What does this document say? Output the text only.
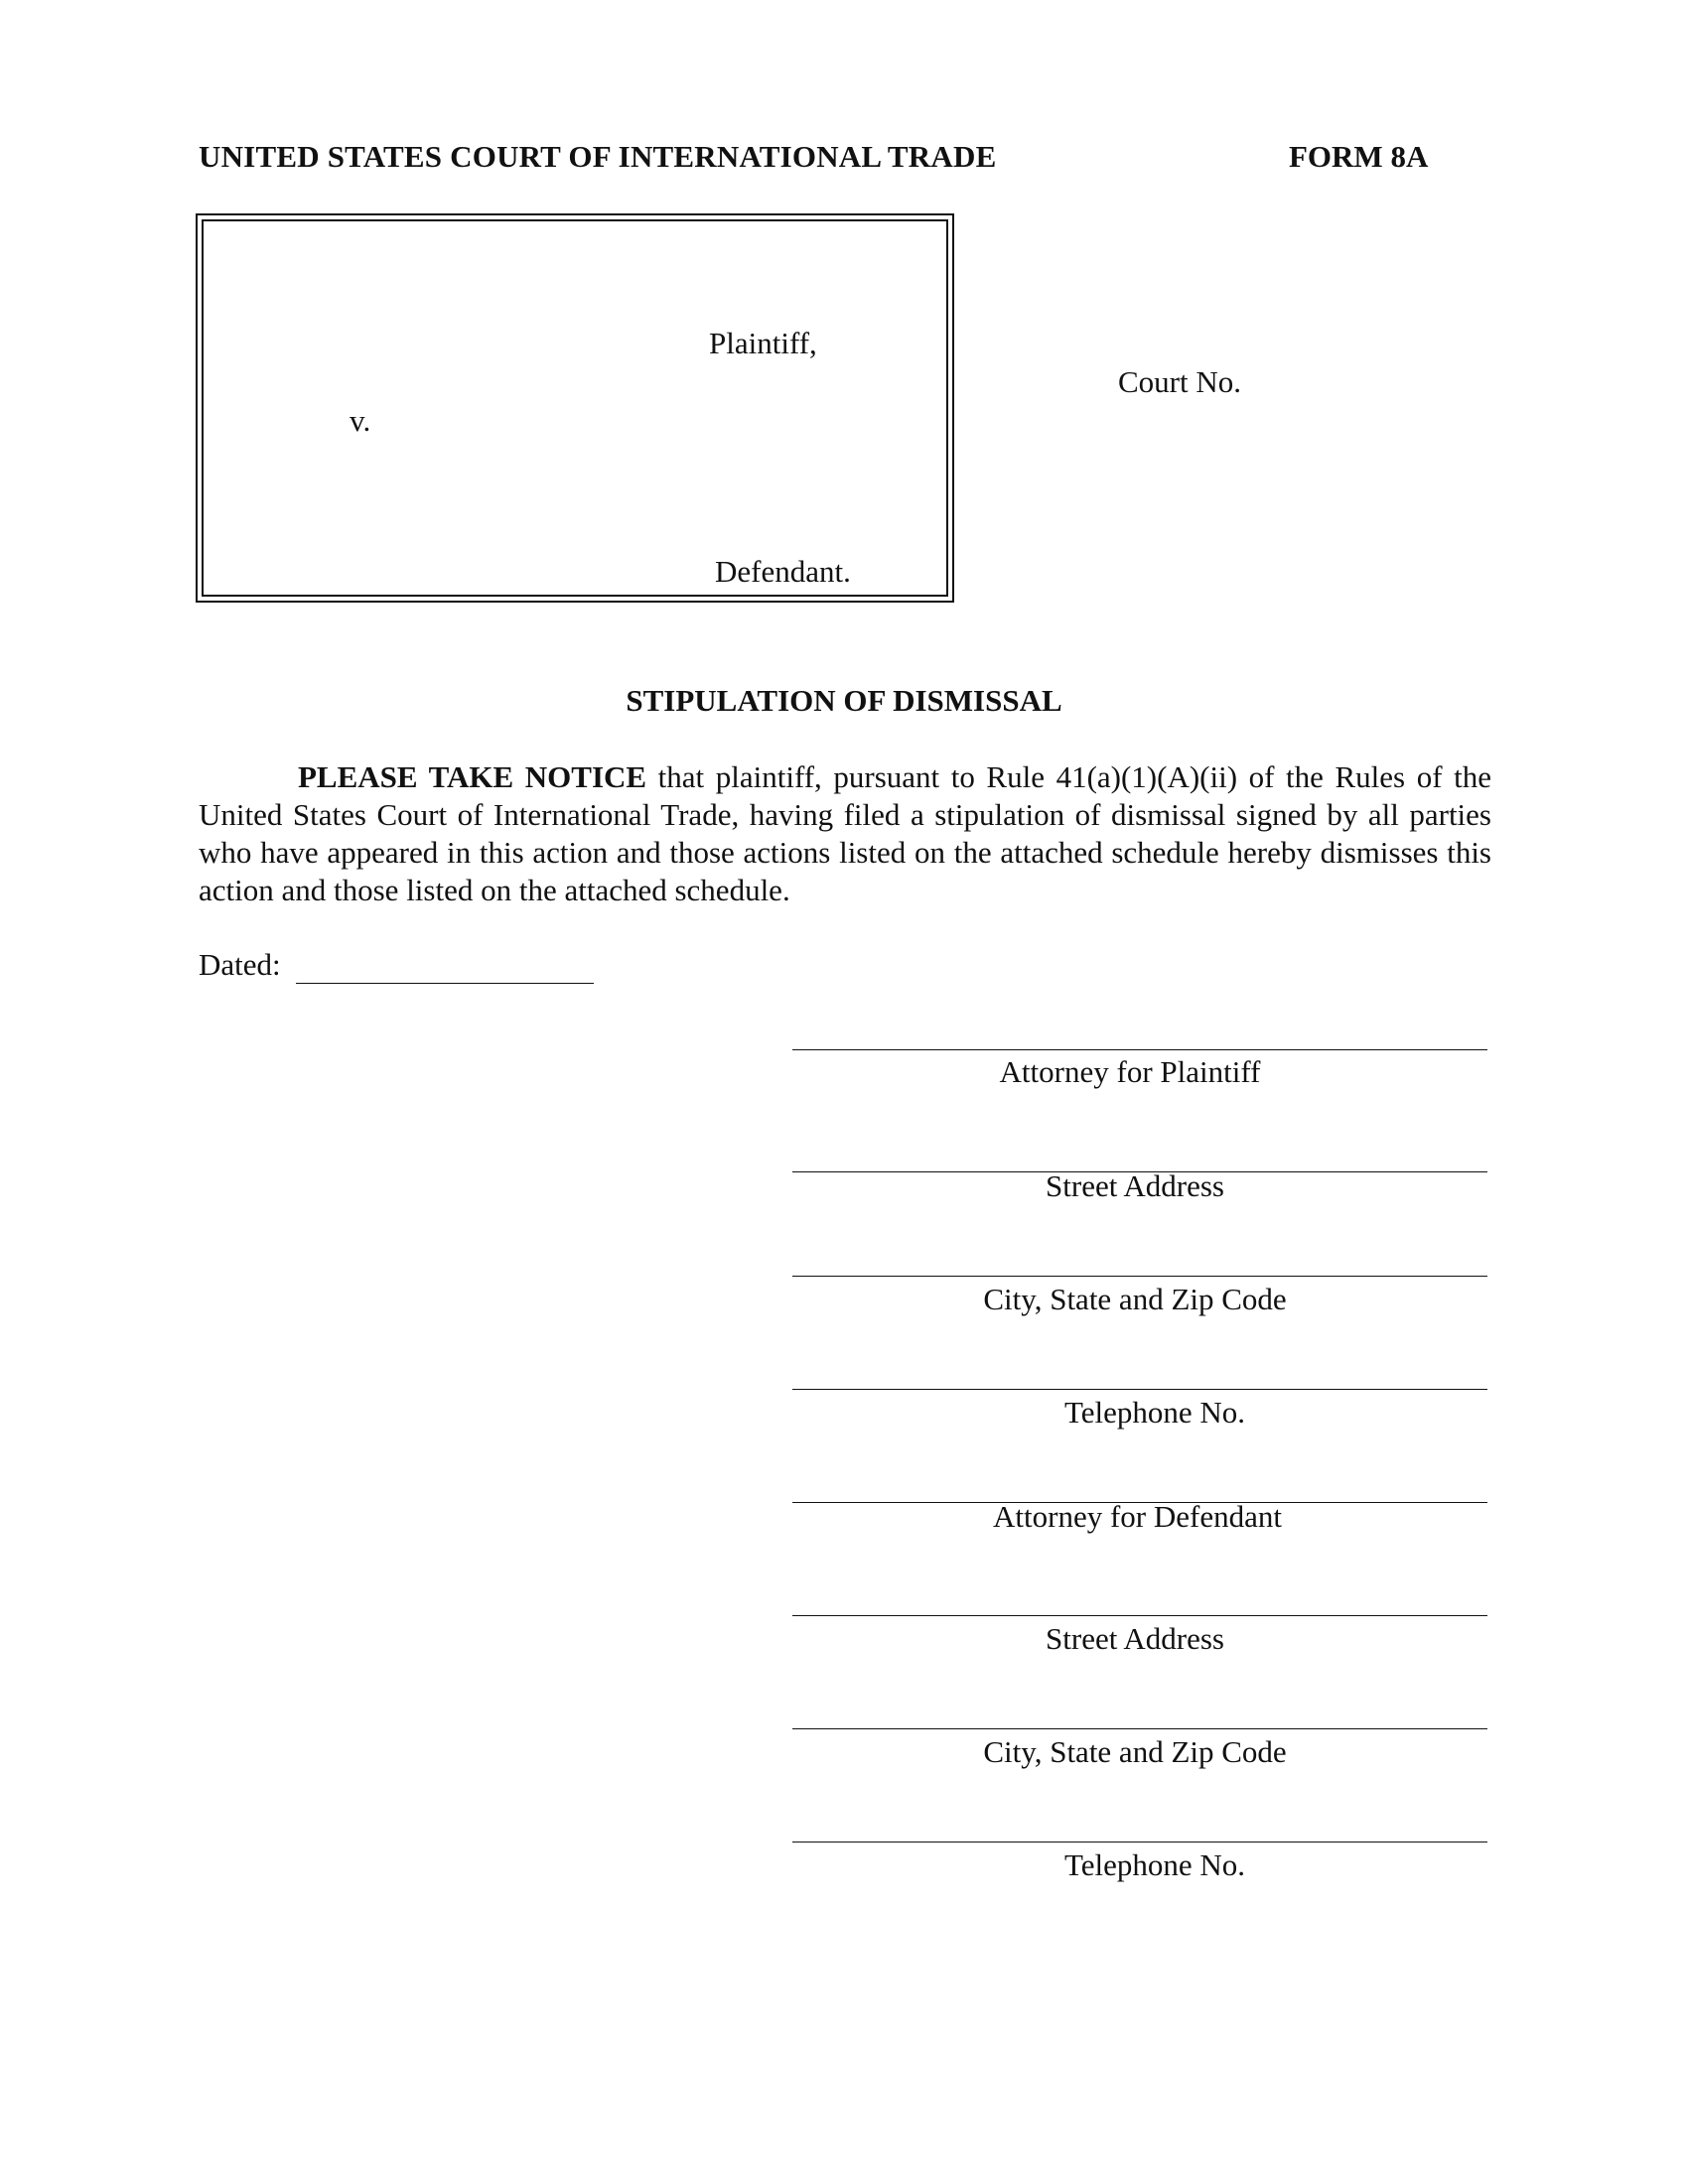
UNITED STATES COURT OF INTERNATIONAL TRADE	FORM 8A
Plaintiff,
v.
Defendant.
Court No.
STIPULATION OF DISMISSAL
PLEASE TAKE NOTICE that plaintiff, pursuant to Rule 41(a)(1)(A)(ii) of the Rules of the United States Court of International Trade, having filed a stipulation of dismissal signed by all parties who have appeared in this action and those actions listed on the attached schedule hereby dismisses this action and those listed on the attached schedule.
Dated:
Attorney for Plaintiff
Street Address
City, State and Zip Code
Telephone No.
Attorney for Defendant
Street Address
City, State and Zip Code
Telephone No.
